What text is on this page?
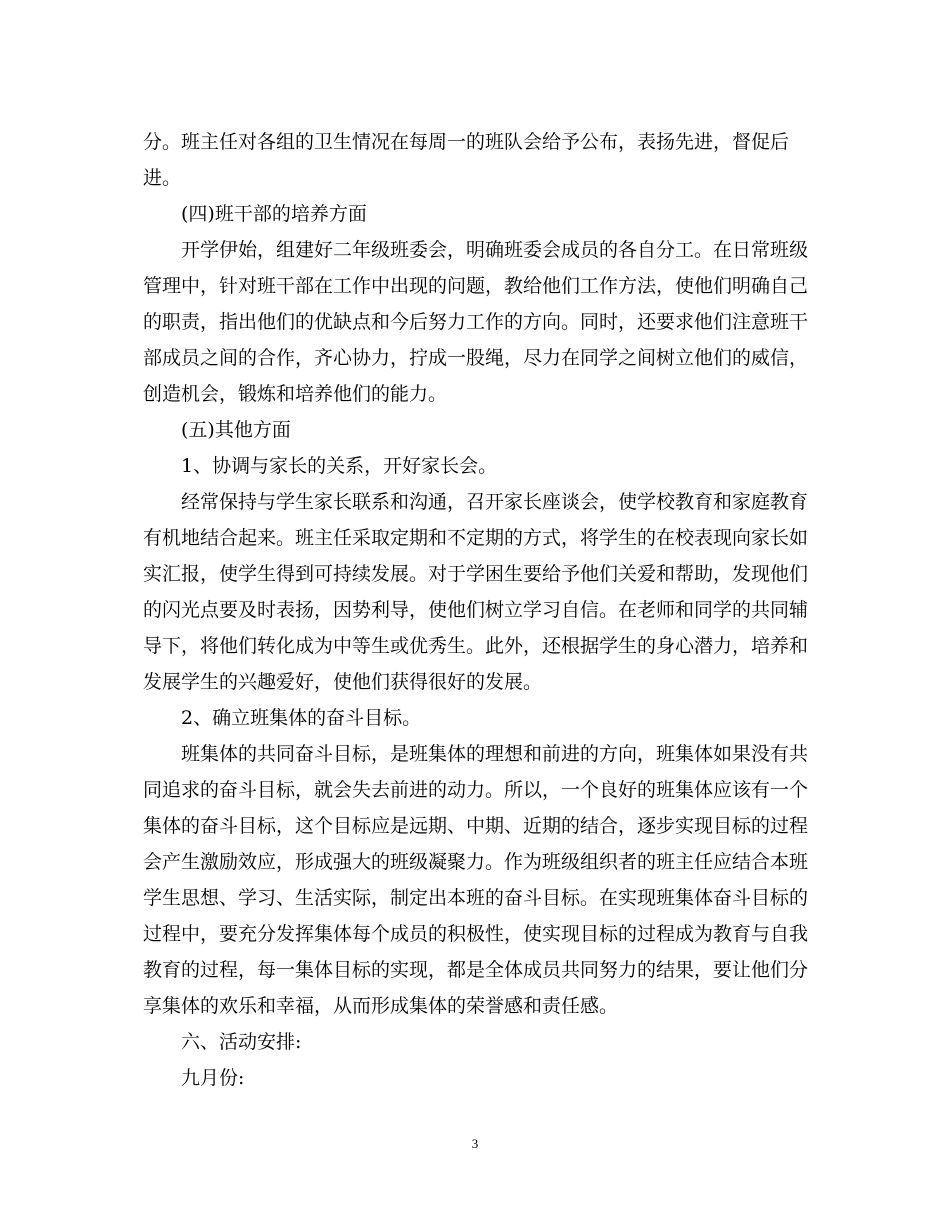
分。班主任对各组的卫生情况在每周一的班队会给予公布，表扬先进，督促后
进。
(四)班干部的培养方面
开学伊始，组建好二年级班委会，明确班委会成员的各自分工。在日常班级
管理中，针对班干部在工作中出现的问题，教给他们工作方法，使他们明确自己
的职责，指出他们的优缺点和今后努力工作的方向。同时，还要求他们注意班干
部成员之间的合作，齐心协力，拧成一股绳，尽力在同学之间树立他们的威信，
创造机会，锻炼和培养他们的能力。
(五)其他方面
1、协调与家长的关系，开好家长会。
经常保持与学生家长联系和沟通，召开家长座谈会，使学校教育和家庭教育
有机地结合起来。班主任采取定期和不定期的方式，将学生的在校表现向家长如
实汇报，使学生得到可持续发展。对于学困生要给予他们关爱和帮助，发现他们
的闪光点要及时表扬，因势利导，使他们树立学习自信。在老师和同学的共同辅
导下，将他们转化成为中等生或优秀生。此外，还根据学生的身心潜力，培养和
发展学生的兴趣爱好，使他们获得很好的发展。
2、确立班集体的奋斗目标。
班集体的共同奋斗目标，是班集体的理想和前进的方向，班集体如果没有共
同追求的奋斗目标，就会失去前进的动力。所以，一个良好的班集体应该有一个
集体的奋斗目标，这个目标应是远期、中期、近期的结合，逐步实现目标的过程
会产生激励效应，形成强大的班级凝聚力。作为班级组织者的班主任应结合本班
学生思想、学习、生活实际，制定出本班的奋斗目标。在实现班集体奋斗目标的
过程中，要充分发挥集体每个成员的积极性，使实现目标的过程成为教育与自我
教育的过程，每一集体目标的实现，都是全体成员共同努力的结果，要让他们分
享集体的欢乐和幸福，从而形成集体的荣誉感和责任感。
六、活动安排:
九月份:
3
